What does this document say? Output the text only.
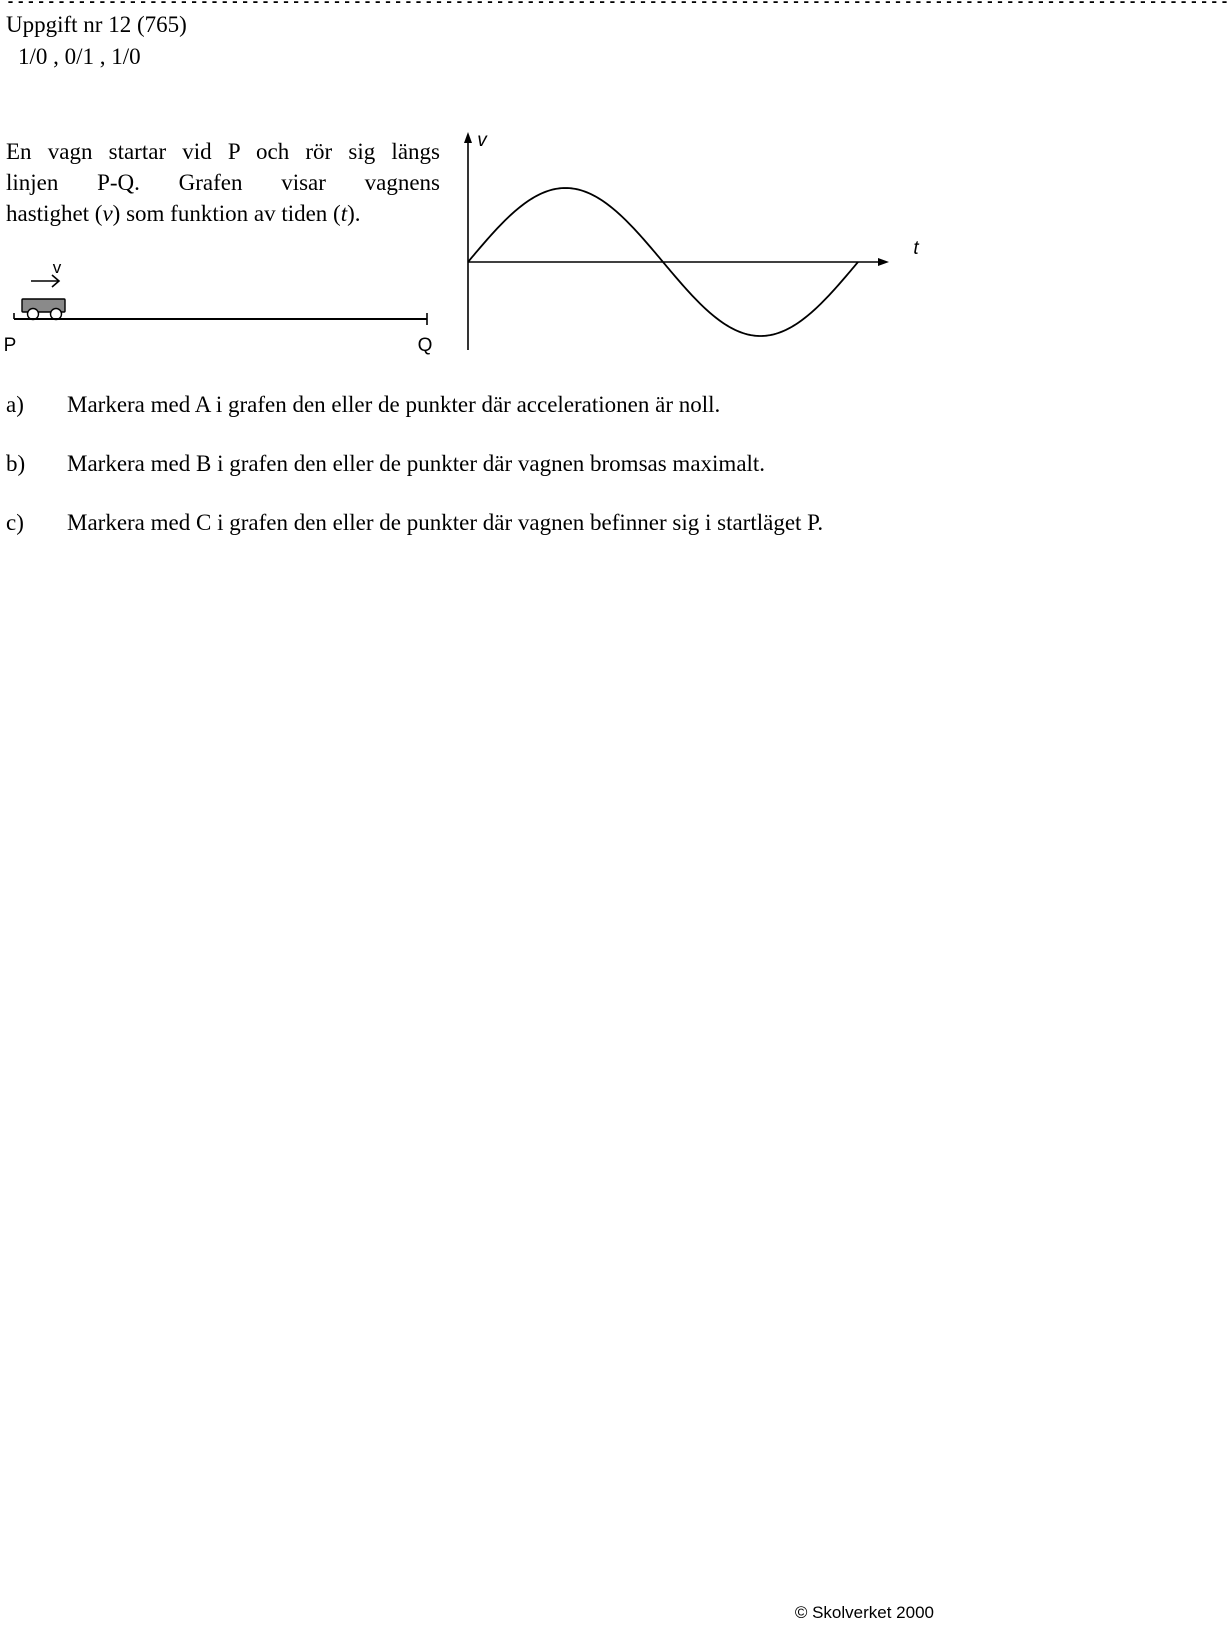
------------------------------------------------------------------------------------------------------------------------
Uppgift nr 12 (765)
1/0 , 0/1 , 1/0
En vagn startar vid P och rör sig längs
linjen P-Q. Grafen visar vagnens
hastighet (v) som funktion av tiden (t).
v
P	Q
v
t
a) Markera med A i grafen den eller de punkter där accelerationen är noll.
b) Markera med B i grafen den eller de punkter där vagnen bromsas maximalt.
c) Markera med C i grafen den eller de punkter där vagnen befinner sig i startläget P.
© Skolverket 2000
